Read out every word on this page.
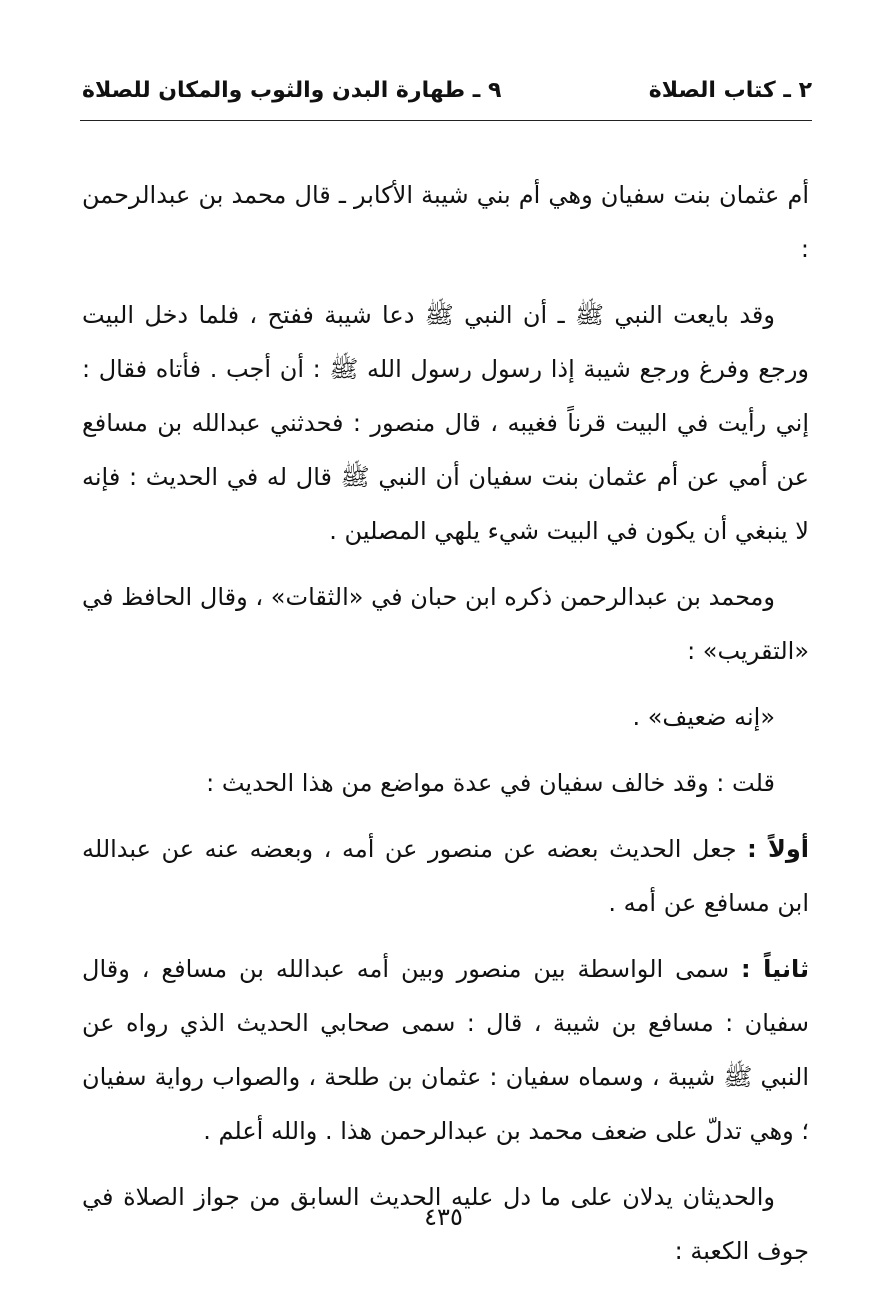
٢ ـ كتاب الصلاة
٩ ـ طهارة البدن والثوب والمكان للصلاة

أم عثمان بنت سفيان وهي أم بني شيبة الأكابر ـ قال محمد بن عبدالرحمن :

وقد بايعت النبي ﷺ ـ أن النبي ﷺ دعا شيبة ففتح ، فلما دخل البيت ورجع وفرغ ورجع شيبة إذا رسول رسول الله ﷺ : أن أجب . فأتاه فقال : إني رأيت في البيت قرناً فغيبه ، قال منصور : فحدثني عبدالله بن مسافع عن أمي عن أم عثمان بنت سفيان أن النبي ﷺ قال له في الحديث : فإنه لا ينبغي أن يكون في البيت شيء يلهي المصلين .

ومحمد بن عبدالرحمن ذكره ابن حبان في «الثقات» ، وقال الحافظ في «التقريب» :

«إنه ضعيف» .

قلت : وقد خالف سفيان في عدة مواضع من هذا الحديث :

أولاً : جعل الحديث بعضه عن منصور عن أمه ، وبعضه عنه عن عبدالله ابن مسافع عن أمه .

ثانياً : سمى الواسطة بين منصور وبين أمه عبدالله بن مسافع ، وقال سفيان : مسافع بن شيبة ، قال : سمى صحابي الحديث الذي رواه عن النبي ﷺ شيبة ، وسماه سفيان : عثمان بن طلحة ، والصواب رواية سفيان ؛ وهي تدلّ على ضعف محمد بن عبدالرحمن هذا . والله أعلم .

والحديثان يدلان على ما دل عليه الحديث السابق من جواز الصلاة في جوف الكعبة :

٤٣٥
